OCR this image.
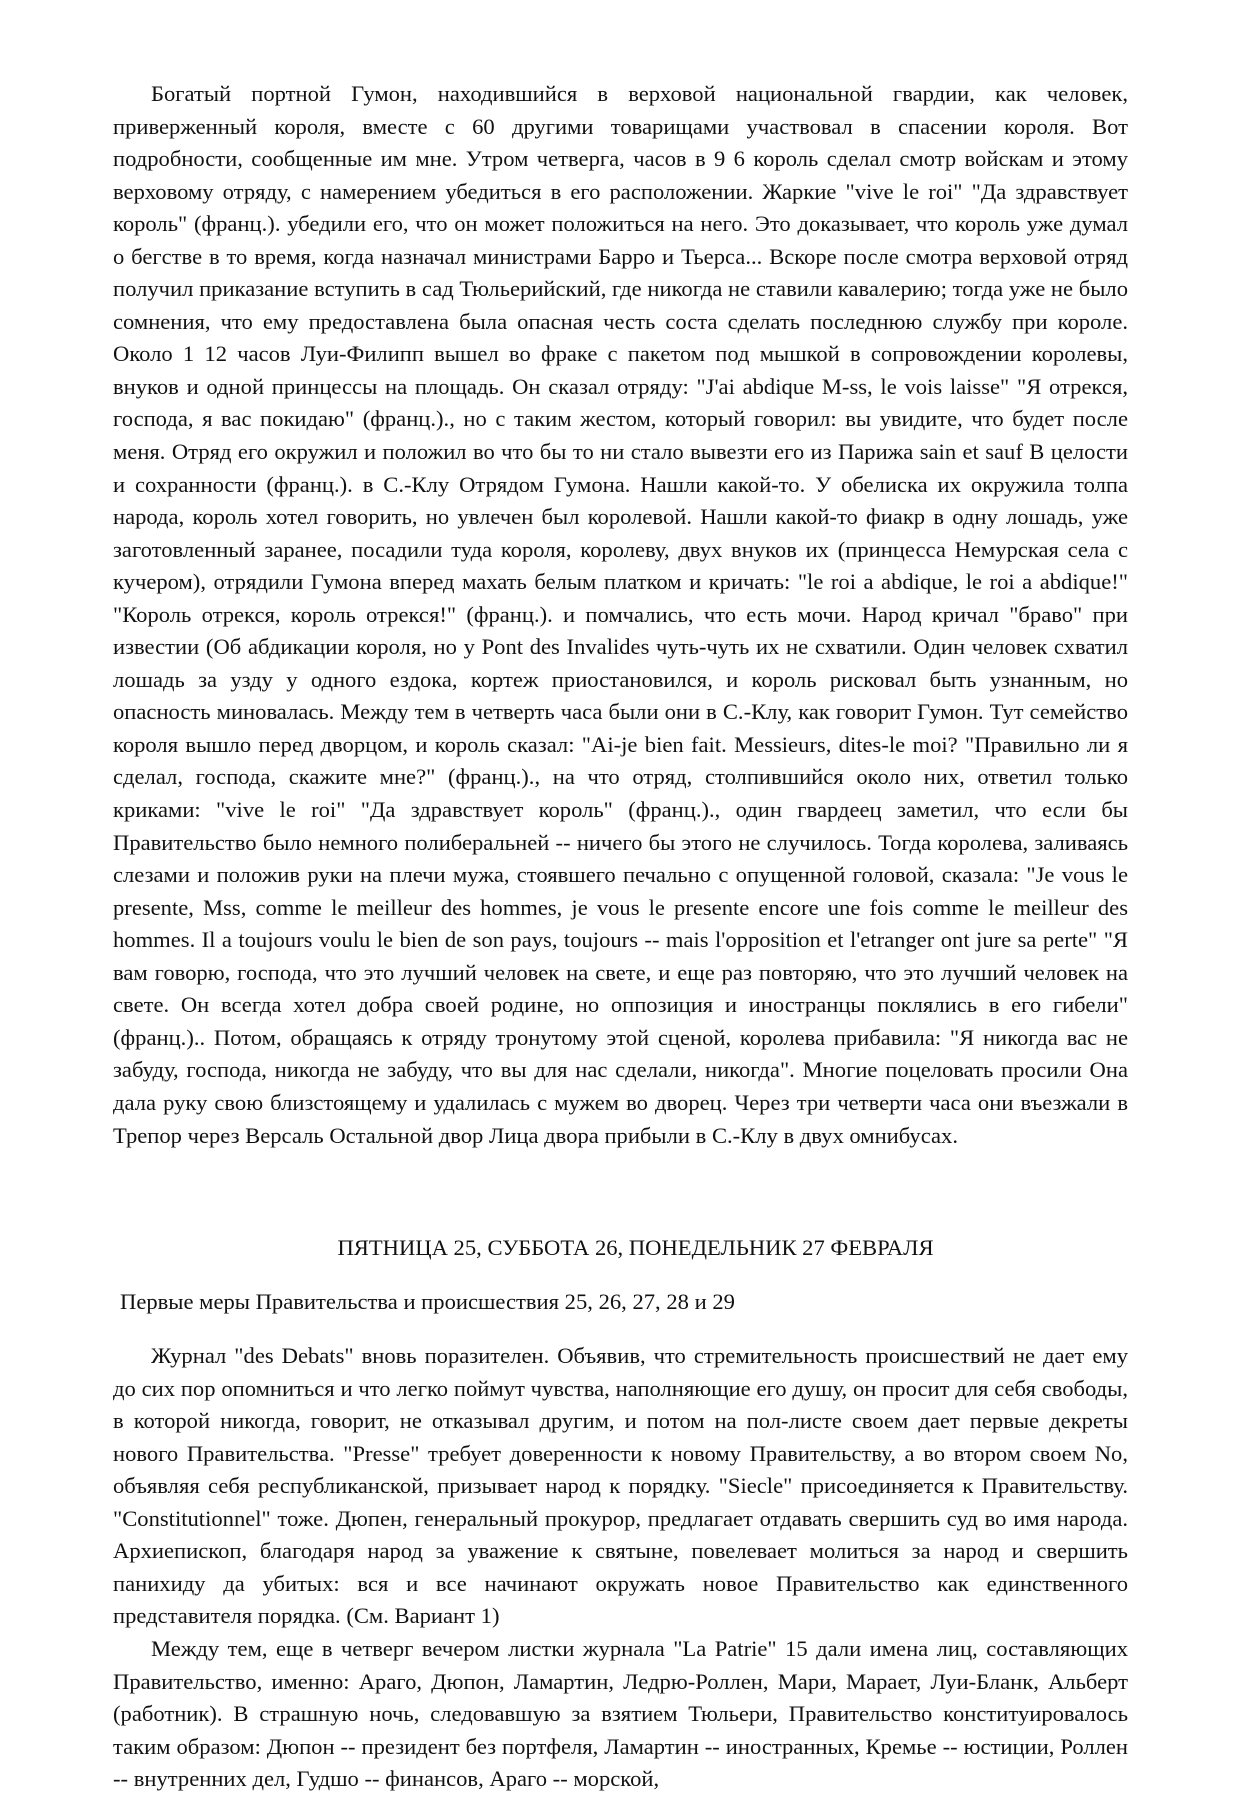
Богатый портной Гумон, находившийся в верховой национальной гвардии, как человек, приверженный короля, вместе с 60 другими товарищами участвовал в спасении короля. Вот подробности, сообщенные им мне. Утром четверга, часов в 9 6 король сделал смотр войскам и этому верховому отряду, с намерением убедиться в его расположении. Жаркие "vive le roi" "Да здравствует король" (франц.). убедили его, что он может положиться на него. Это доказывает, что король уже думал о бегстве в то время, когда назначал министрами Барро и Тьерса... Вскоре после смотра верховой отряд получил приказание вступить в сад Тюльерийский, где никогда не ставили кавалерию; тогда уже не было сомнения, что ему предоставлена была опасная честь соста сделать последнюю службу при короле. Около 1 12 часов Луи-Филипп вышел во фраке с пакетом под мышкой в сопровождении королевы, внуков и одной принцессы на площадь. Он сказал отряду: "J'ai abdique M-ss, le vois laisse" "Я отрекся, господа, я вас покидаю" (франц.)., но с таким жестом, который говорил: вы увидите, что будет после меня. Отряд его окружил и положил во что бы то ни стало вывезти его из Парижа sain et sauf В целости и сохранности (франц.). в С.-Клу Отрядом Гумона. Нашли какой-то. У обелиска их окружила толпа народа, король хотел говорить, но увлечен был королевой. Нашли какой-то фиакр в одну лошадь, уже заготовленный заранее, посадили туда короля, королеву, двух внуков их (принцесса Немурская села с кучером), отрядили Гумона вперед махать белым платком и кричать: "le roi a abdique, le roi a abdique!" "Король отрекся, король отрекся!" (франц.). и помчались, что есть мочи. Народ кричал "браво" при известии (Об абдикации короля, но у Pont des Invalides чуть-чуть их не схватили. Один человек схватил лошадь за узду у одного ездока, кортеж приостановился, и король рисковал быть узнанным, но опасность миновалась. Между тем в четверть часа были они в С.-Клу, как говорит Гумон. Тут семейство короля вышло перед дворцом, и король сказал: "Ai-je bien fait. Messieurs, dites-le moi? "Правильно ли я сделал, господа, скажите мне?" (франц.)., на что отряд, столпившийся около них, ответил только криками: "vive le roi" "Да здравствует король" (франц.)., один гвардеец заметил, что если бы Правительство было немного полиберальней -- ничего бы этого не случилось. Тогда королева, заливаясь слезами и положив руки на плечи мужа, стоявшего печально с опущенной головой, сказала: "Je vous le presente, Mss, comme le meilleur des hommes, je vous le presente encore une fois comme le meilleur des hommes. Il a toujours voulu le bien de son pays, toujours -- mais l'opposition et l'etranger ont jure sa perte" "Я вам говорю, господа, что это лучший человек на свете, и еще раз повторяю, что это лучший человек на свете. Он всегда хотел добра своей родине, но оппозиция и иностранцы поклялись в его гибели" (франц.).. Потом, обращаясь к отряду тронутому этой сценой, королева прибавила: "Я никогда вас не забуду, господа, никогда не забуду, что вы для нас сделали, никогда". Многие поцеловать просили Она дала руку свою близстоящему и удалилась с мужем во дворец. Через три четверти часа они въезжали в Трепор через Версаль Остальной двор Лица двора прибыли в С.-Клу в двух омнибусах.

ПЯТНИЦА 25, СУББОТА 26, ПОНЕДЕЛЬНИК 27 ФЕВРАЛЯ

Первые меры Правительства и происшествия 25, 26, 27, 28 и 29

Журнал "des Debats" вновь поразителен. Объявив, что стремительность происшествий не дает ему до сих пор опомниться и что легко поймут чувства, наполняющие его душу, он просит для себя свободы, в которой никогда, говорит, не отказывал другим, и потом на пол-листе своем дает первые декреты нового Правительства. "Presse" требует доверенности к новому Правительству, а во втором своем No, объявляя себя республиканской, призывает народ к порядку. "Siecle" присоединяется к Правительству. "Constitutionnel" тоже. Дюпен, генеральный прокурор, предлагает отдавать свершить суд во имя народа. Архиепископ, благодаря народ за уважение к святыне, повелевает молиться за народ и свершить панихиду да убитых: вся и все начинают окружать новое Правительство как единственного представителя порядка. (См. Вариант 1)

Между тем, еще в четверг вечером листки журнала "La Patrie" 15 дали имена лиц, составляющих Правительство, именно: Араго, Дюпон, Ламартин, Ледрю-Роллен, Мари, Марает, Луи-Бланк, Альберт (работник). В страшную ночь, следовавшую за взятием Тюльери, Правительство конституировалось таким образом: Дюпон -- президент без портфеля, Ламартин -- иностранных, Кремье -- юстиции, Роллен -- внутренних дел, Гудшо -- финансов, Араго -- морской,
